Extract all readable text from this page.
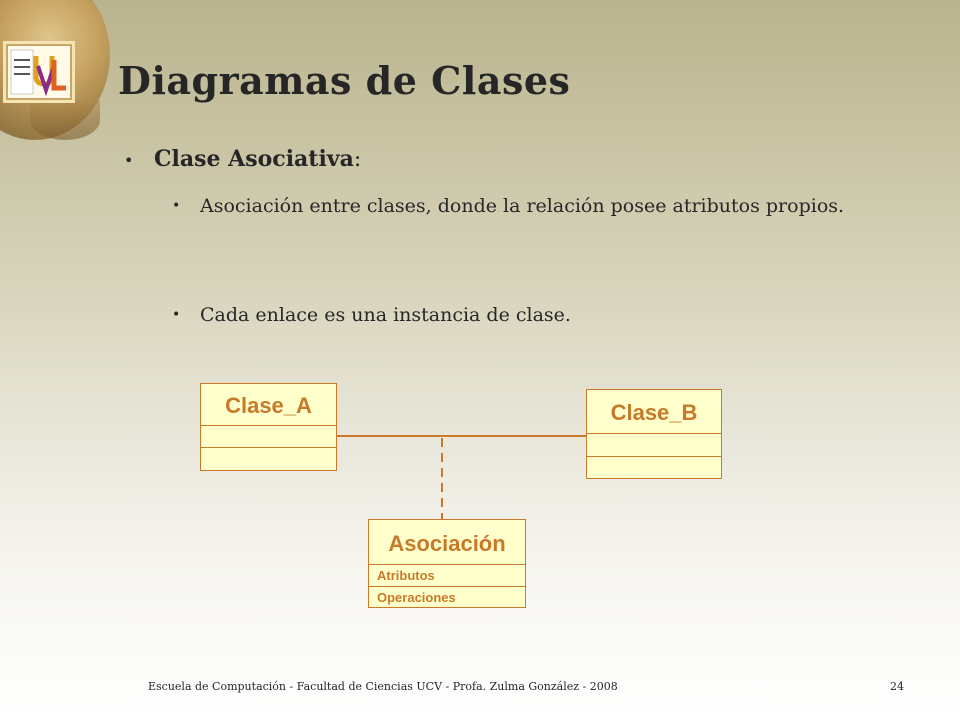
Diagramas de Clases
• Clase Asociativa:
•	Asociación entre clases, donde la relación posee atributos propios.
•	Cada enlace es una instancia de clase.
Clase_A	Clase_B
Asociación
Atributos
Operaciones
Escuela de Computación - Facultad de Ciencias UCV - Profa. Zulma González - 2008	24
